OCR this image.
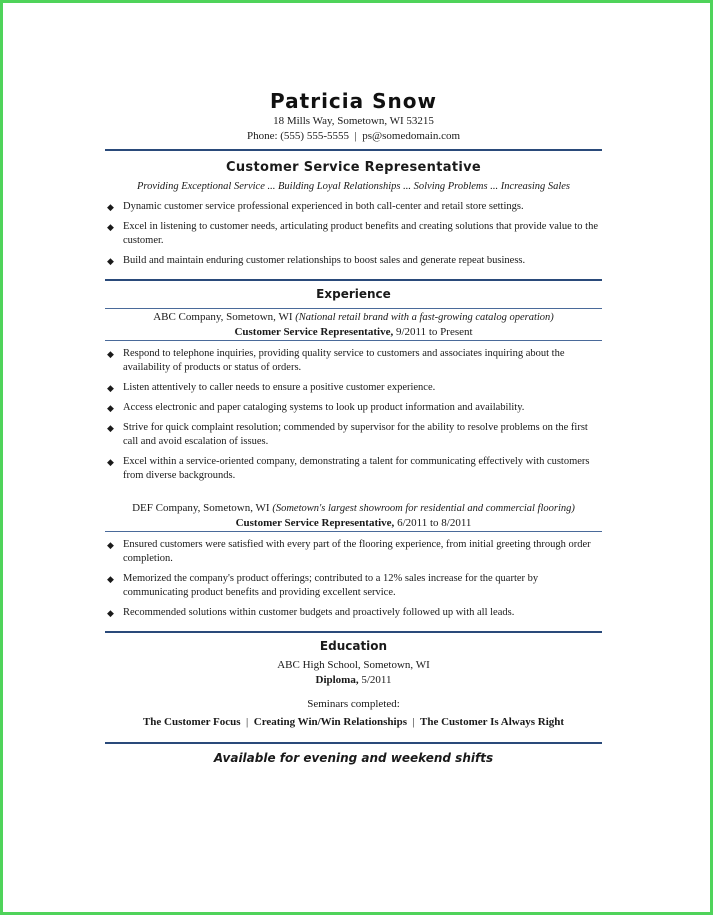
Patricia Snow
18 Mills Way, Sometown, WI 53215
Phone: (555) 555-5555 | ps@somedomain.com
Customer Service Representative
Providing Exceptional Service ... Building Loyal Relationships ... Solving Problems ... Increasing Sales
◆ Dynamic customer service professional experienced in both call-center and retail store settings.
◆ Excel in listening to customer needs, articulating product benefits and creating solutions that provide value to the customer.
◆ Build and maintain enduring customer relationships to boost sales and generate repeat business.
Experience
ABC Company, Sometown, WI (National retail brand with a fast-growing catalog operation)
Customer Service Representative, 9/2011 to Present
◆ Respond to telephone inquiries, providing quality service to customers and associates inquiring about the availability of products or status of orders.
◆ Listen attentively to caller needs to ensure a positive customer experience.
◆ Access electronic and paper cataloging systems to look up product information and availability.
◆ Strive for quick complaint resolution; commended by supervisor for the ability to resolve problems on the first call and avoid escalation of issues.
◆ Excel within a service-oriented company, demonstrating a talent for communicating effectively with customers from diverse backgrounds.
DEF Company, Sometown, WI (Sometown's largest showroom for residential and commercial flooring)
Customer Service Representative, 6/2011 to 8/2011
◆ Ensured customers were satisfied with every part of the flooring experience, from initial greeting through order completion.
◆ Memorized the company's product offerings; contributed to a 12% sales increase for the quarter by communicating product benefits and providing excellent service.
◆ Recommended solutions within customer budgets and proactively followed up with all leads.
Education
ABC High School, Sometown, WI
Diploma, 5/2011
Seminars completed:
The Customer Focus | Creating Win/Win Relationships | The Customer Is Always Right
Available for evening and weekend shifts
